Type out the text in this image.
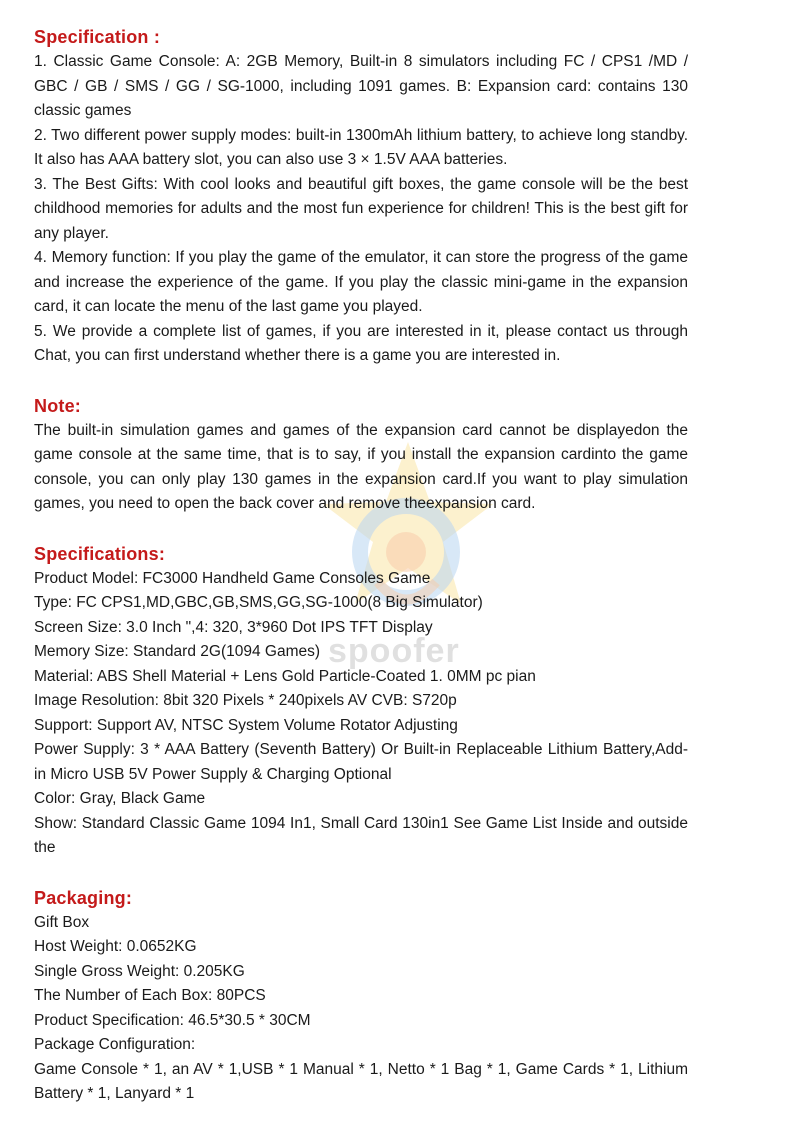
spoofer
Specification :

1. Classic Game Console: A: 2GB Memory, Built-in 8 simulators including FC / CPS1 /MD / GBC / GB / SMS / GG / SG-1000, including 1091 games. B: Expansion card: contains 130 classic games

2. Two different power supply modes: built-in 1300mAh lithium battery, to achieve long standby. It also has AAA battery slot, you can also use 3 × 1.5V AAA batteries.

3. The Best Gifts: With cool looks and beautiful gift boxes, the game console will be the best childhood memories for adults and the most fun experience for children! This is the best gift for any player.

4. Memory function: If you play the game of the emulator, it can store the progress of the game and increase the experience of the game. If you play the classic mini-game in the expansion card, it can locate the menu of the last game you played.

5. We provide a complete list of games, if you are interested in it, please contact us through Chat, you can first understand whether there is a game you are interested in.

Note:

The built-in simulation games and games of the expansion card cannot be displayedon the game console at the same time, that is to say, if you install the expansion cardinto the game console, you can only play 130 games in the expansion card.If you want to play simulation games, you need to open the back cover and remove theexpansion card.

Specifications:

Product Model: FC3000 Handheld Game Consoles Game

Type: FC CPS1,MD,GBC,GB,SMS,GG,SG-1000(8 Big Simulator)

Screen Size: 3.0 Inch ",4: 320, 3*960 Dot IPS TFT Display

Memory Size: Standard 2G(1094 Games)

Material: ABS Shell Material + Lens Gold Particle-Coated 1. 0MM pc pian

Image Resolution: 8bit 320 Pixels * 240pixels AV CVB: S720p

Support: Support AV, NTSC System Volume Rotator Adjusting

Power Supply: 3 * AAA Battery (Seventh Battery) Or Built-in Replaceable Lithium Battery,Add-in Micro USB 5V Power Supply & Charging Optional

Color: Gray, Black Game

Show: Standard Classic Game 1094 In1, Small Card 130in1 See Game List Inside and outside the

Packaging:

Gift Box

Host Weight: 0.0652KG

Single Gross Weight: 0.205KG

The Number of Each Box: 80PCS

Product Specification: 46.5*30.5 * 30CM

Package Configuration:

Game Console * 1, an AV * 1,USB * 1 Manual * 1, Netto * 1 Bag * 1, Game Cards * 1, Lithium Battery * 1, Lanyard * 1
